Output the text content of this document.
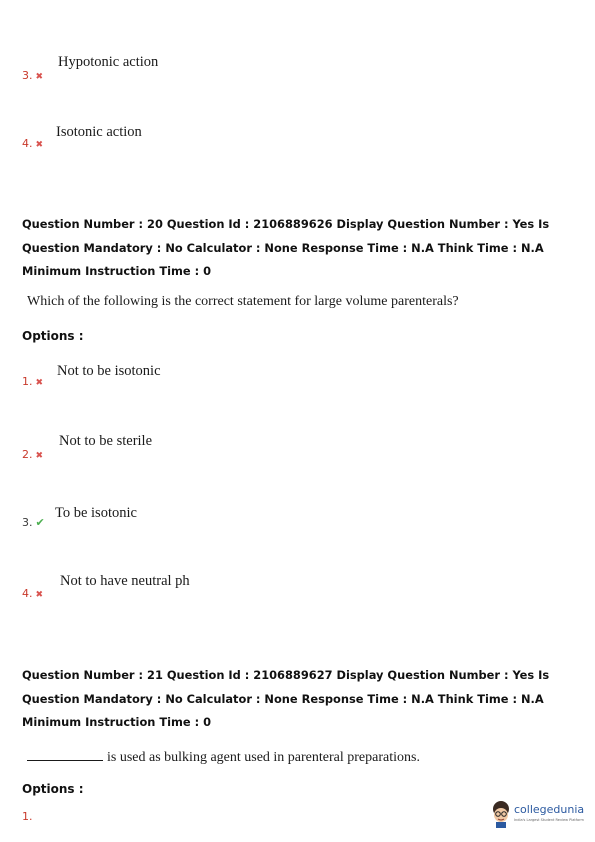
Hypotonic action
3. ✖
Isotonic action
4. ✖
Question Number : 20 Question Id : 2106889626 Display Question Number : Yes Is Question Mandatory : No Calculator : None Response Time : N.A Think Time : N.A Minimum Instruction Time : 0
Which of the following is the correct statement for large volume parenterals?
Options :
Not to be isotonic
1. ✖
Not to be sterile
2. ✖
To be isotonic
3. ✔
Not to have neutral ph
4. ✖
Question Number : 21 Question Id : 2106889627 Display Question Number : Yes Is Question Mandatory : No Calculator : None Response Time : N.A Think Time : N.A Minimum Instruction Time : 0
is used as bulking agent used in parenteral preparations.
Options :
1.
collegedunia
India's Largest Student Review Platform
